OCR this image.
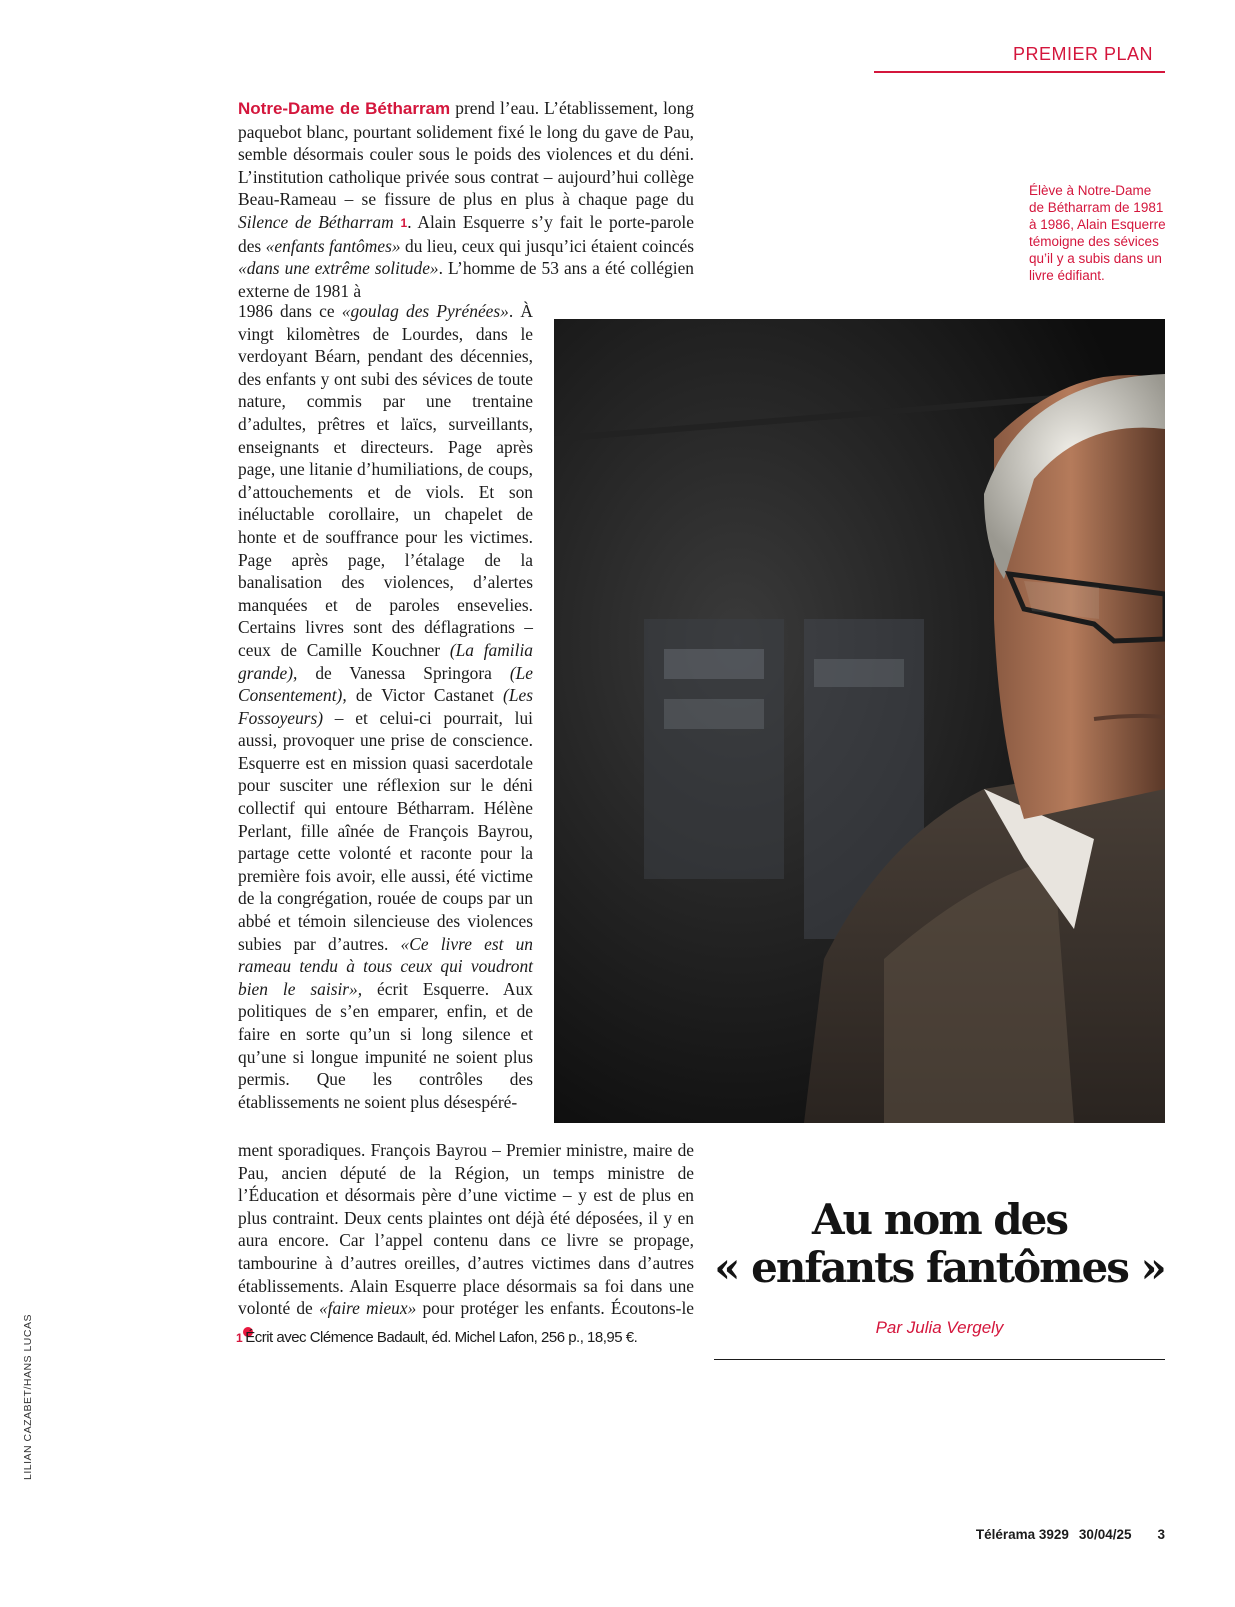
PREMIER PLAN
Notre-Dame de Bétharram prend l’eau. L’établissement, long paquebot blanc, pourtant solidement fixé le long du gave de Pau, semble désormais couler sous le poids des violences et du déni. L’institution catholique privée sous contrat – aujourd’hui collège Beau-Rameau – se fissure de plus en plus à chaque page du Silence de Bétharram 1. Alain Esquerre s’y fait le porte-parole des «enfants fantômes» du lieu, ceux qui jusqu’ici étaient coincés «dans une extrême solitude». L’homme de 53 ans a été collégien externe de 1981 à
1986 dans ce «goulag des Pyrénées». À vingt kilomètres de Lourdes, dans le verdoyant Béarn, pendant des décennies, des enfants y ont subi des sévices de toute nature, commis par une trentaine d’adultes, prêtres et laïcs, surveillants, enseignants et directeurs. Page après page, une litanie d’humiliations, de coups, d’attouchements et de viols. Et son inéluctable corollaire, un chapelet de honte et de souffrance pour les victimes. Page après page, l’étalage de la banalisation des violences, d’alertes manquées et de paroles ensevelies. Certains livres sont des déflagrations – ceux de Camille Kouchner (La familia grande), de Vanessa Springora (Le Consentement), de Victor Castanet (Les Fossoyeurs) – et celui-ci pourrait, lui aussi, provoquer une prise de conscience. Esquerre est en mission quasi sacerdotale pour susciter une réflexion sur le déni collectif qui entoure Bétharram. Hélène Perlant, fille aînée de François Bayrou, partage cette volonté et raconte pour la première fois avoir, elle aussi, été victime de la congrégation, rouée de coups par un abbé et témoin silencieuse des violences subies par d’autres. «Ce livre est un rameau tendu à tous ceux qui voudront bien le saisir», écrit Esquerre. Aux politiques de s’en emparer, enfin, et de faire en sorte qu’un si long silence et qu’une si longue impunité ne soient plus permis. Que les contrôles des établissements ne soient plus désespéré-
ment sporadiques. François Bayrou – Premier ministre, maire de Pau, ancien député de la Région, un temps ministre de l’Éducation et désormais père d’une victime – y est de plus en plus contraint. Deux cents plaintes ont déjà été déposées, il y en aura encore. Car l’appel contenu dans ce livre se propage, tambourine à d’autres oreilles, d’autres victimes dans d’autres établissements. Alain Esquerre place désormais sa foi dans une volonté de «faire mieux» pour protéger les enfants. Écoutons-le
1 Écrit avec Clémence Badault, éd. Michel Lafon, 256 p., 18,95 €.
Élève à Notre-Dame de Bétharram de 1981 à 1986, Alain Esquerre témoigne des sévices qu’il y a subis dans un livre édifiant.
Au nom des
« enfants fantômes »
Par Julia Vergely
LILIAN CAZABET/HANS LUCAS
Télérama 3929 30/04/25 3
